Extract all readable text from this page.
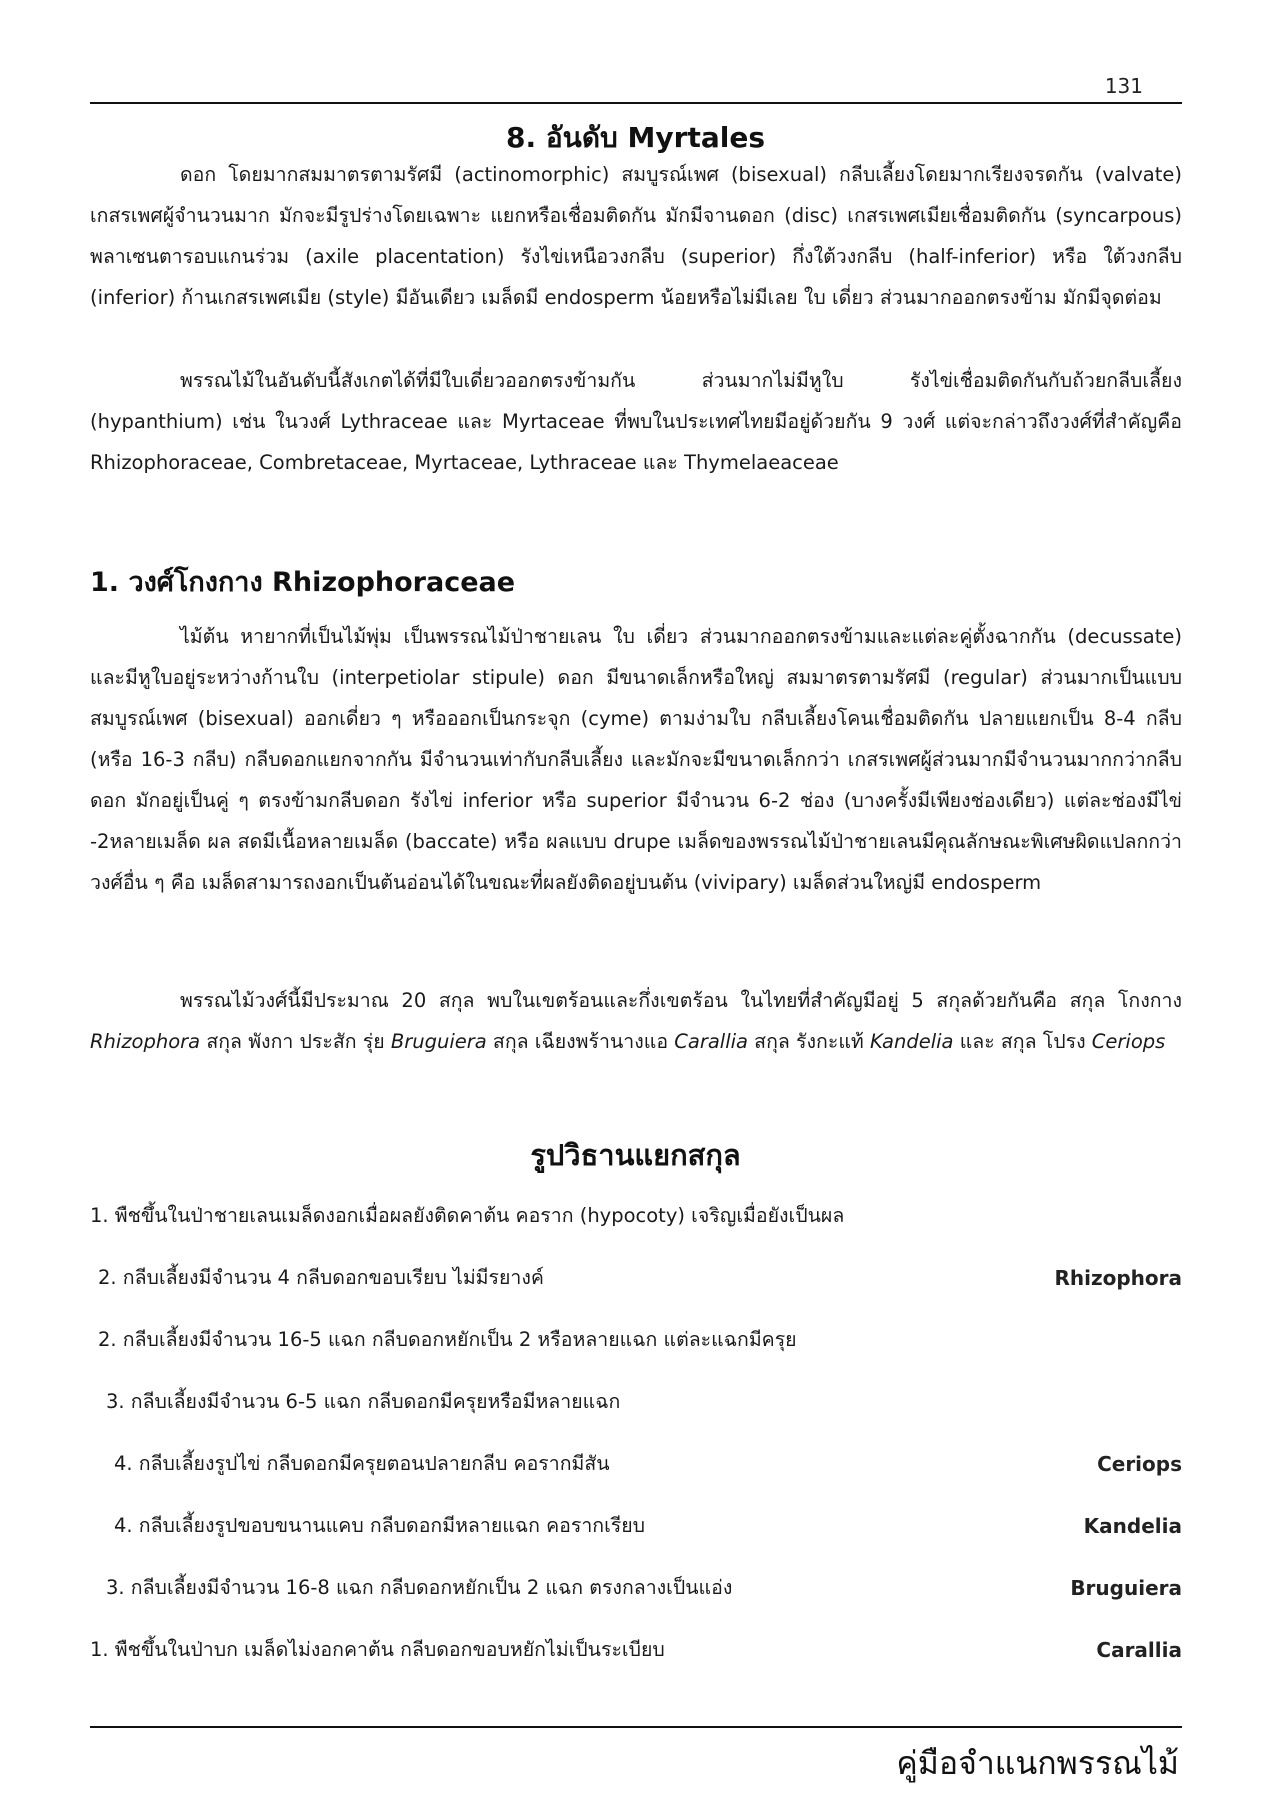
131
8. อันดับ Myrtales

ดอก โดยมากสมมาตรตามรัศมี (actinomorphic) สมบูรณ์เพศ (bisexual) กลีบเลี้ยงโดยมากเรียงจรดกัน (valvate) เกสรเพศผู้จำนวนมาก มักจะมีรูปร่างโดยเฉพาะ แยกหรือเชื่อมติดกัน มักมีจานดอก (disc) เกสรเพศเมียเชื่อมติดกัน (syncarpous) พลาเซนตารอบแกนร่วม (axile placentation) รังไข่เหนือวงกลีบ (superior) กึ่งใต้วงกลีบ (half-inferior) หรือ ใต้วงกลีบ (inferior) ก้านเกสรเพศเมีย (style) มีอันเดียว เมล็ดมี endosperm น้อยหรือไม่มีเลย ใบ เดี่ยว ส่วนมากออกตรงข้าม มักมีจุดต่อม

พรรณไม้ในอันดับนี้สังเกตได้ที่มีใบเดี่ยวออกตรงข้ามกัน ส่วนมากไม่มีหูใบ รังไข่เชื่อมติดกันกับถ้วยกลีบเลี้ยง (hypanthium) เช่น ในวงศ์ Lythraceae และ Myrtaceae ที่พบในประเทศไทยมีอยู่ด้วยกัน 9 วงศ์ แต่จะกล่าวถึงวงศ์ที่สำคัญคือ Rhizophoraceae, Combretaceae, Myrtaceae, Lythraceae และ Thymelaeaceae

1. วงศ์โกงกาง Rhizophoraceae

ไม้ต้น หายากที่เป็นไม้พุ่ม เป็นพรรณไม้ป่าชายเลน ใบ เดี่ยว ส่วนมากออกตรงข้ามและแต่ละคู่ตั้งฉากกัน (decussate) และมีหูใบอยู่ระหว่างก้านใบ (interpetiolar stipule) ดอก มีขนาดเล็กหรือใหญ่ สมมาตรตามรัศมี (regular) ส่วนมากเป็นแบบสมบูรณ์เพศ (bisexual) ออกเดี่ยว ๆ หรือออกเป็นกระจุก (cyme) ตามง่ามใบ กลีบเลี้ยงโคนเชื่อมติดกัน ปลายแยกเป็น 8-4 กลีบ (หรือ 16-3 กลีบ) กลีบดอกแยกจากกัน มีจำนวนเท่ากับกลีบเลี้ยง และมักจะมีขนาดเล็กกว่า เกสรเพศผู้ส่วนมากมีจำนวนมากกว่ากลีบดอก มักอยู่เป็นคู่ ๆ ตรงข้ามกลีบดอก รังไข่ inferior หรือ superior มีจำนวน 6-2 ช่อง (บางครั้งมีเพียงช่องเดียว) แต่ละช่องมีไข่ -2หลายเมล็ด ผล สดมีเนื้อหลายเมล็ด (baccate) หรือ ผลแบบ drupe เมล็ดของพรรณไม้ป่าชายเลนมีคุณลักษณะพิเศษผิดแปลกกว่าวงศ์อื่น ๆ คือ เมล็ดสามารถงอกเป็นต้นอ่อนได้ในขณะที่ผลยังติดอยู่บนต้น (vivipary) เมล็ดส่วนใหญ่มี endosperm

พรรณไม้วงศ์นี้มีประมาณ 20 สกุล พบในเขตร้อนและกึ่งเขตร้อน ในไทยที่สำคัญมีอยู่ 5 สกุลด้วยกันคือ สกุล โกงกาง Rhizophora สกุล พังกา ประสัก รุ่ย Bruguiera สกุล เฉียงพร้านางแอ Carallia สกุล รังกะแท้ Kandelia และ สกุล โปรง Ceriops

รูปวิธานแยกสกุล
1. พืชขึ้นในป่าชายเลนเมล็ดงอกเมื่อผลยังติดคาต้น คอราก (hypocoty) เจริญเมื่อยังเป็นผล
2. กลีบเลี้ยงมีจำนวน 4 กลีบดอกขอบเรียบ ไม่มีรยางค์	Rhizophora
2. กลีบเลี้ยงมีจำนวน 16-5 แฉก กลีบดอกหยักเป็น 2 หรือหลายแฉก แต่ละแฉกมีครุย
3. กลีบเลี้ยงมีจำนวน 6-5 แฉก กลีบดอกมีครุยหรือมีหลายแฉก
4. กลีบเลี้ยงรูปไข่ กลีบดอกมีครุยตอนปลายกลีบ คอรากมีสัน	Ceriops
4. กลีบเลี้ยงรูปขอบขนานแคบ กลีบดอกมีหลายแฉก คอรากเรียบ	Kandelia
3. กลีบเลี้ยงมีจำนวน 16-8 แฉก กลีบดอกหยักเป็น 2 แฉก ตรงกลางเป็นแอ่ง	Bruguiera
1. พืชขึ้นในป่าบก เมล็ดไม่งอกคาต้น กลีบดอกขอบหยักไม่เป็นระเบียบ	Carallia
คู่มือจำแนกพรรณไม้
